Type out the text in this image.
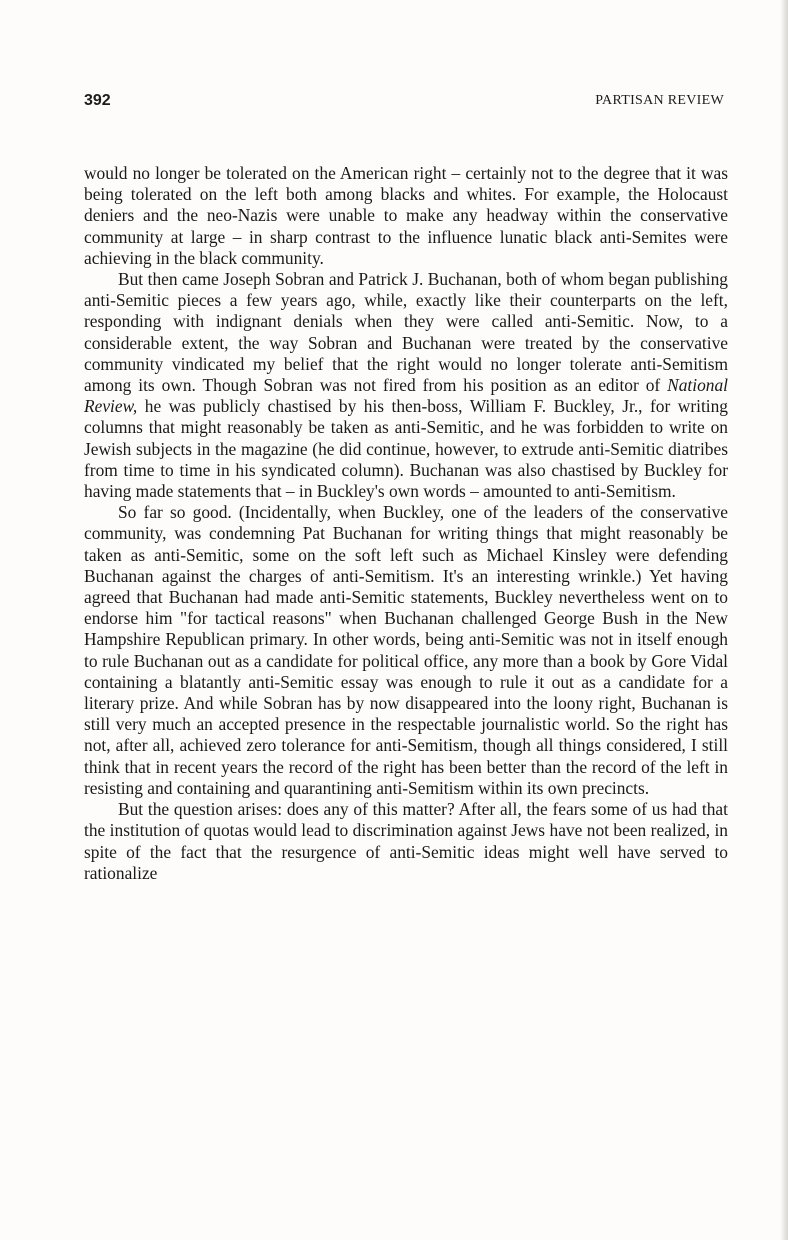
392	PARTISAN REVIEW

would no longer be tolerated on the American right – certainly not to the degree that it was being tolerated on the left both among blacks and whites. For example, the Holocaust deniers and the neo-Nazis were unable to make any headway within the conservative community at large – in sharp contrast to the influence lunatic black anti-Semites were achieving in the black community.

But then came Joseph Sobran and Patrick J. Buchanan, both of whom began publishing anti-Semitic pieces a few years ago, while, exactly like their counterparts on the left, responding with indignant denials when they were called anti-Semitic. Now, to a considerable extent, the way Sobran and Buchanan were treated by the conservative community vindicated my belief that the right would no longer tolerate anti-Semitism among its own. Though Sobran was not fired from his position as an editor of National Review, he was publicly chastised by his then-boss, William F. Buckley, Jr., for writing columns that might reasonably be taken as anti-Semitic, and he was forbidden to write on Jewish subjects in the magazine (he did continue, however, to extrude anti-Semitic diatribes from time to time in his syndicated column). Buchanan was also chastised by Buckley for having made statements that – in Buckley's own words – amounted to anti-Semitism.

So far so good. (Incidentally, when Buckley, one of the leaders of the conservative community, was condemning Pat Buchanan for writing things that might reasonably be taken as anti-Semitic, some on the soft left such as Michael Kinsley were defending Buchanan against the charges of anti-Semitism. It's an interesting wrinkle.) Yet having agreed that Buchanan had made anti-Semitic statements, Buckley nevertheless went on to endorse him "for tactical reasons" when Buchanan challenged George Bush in the New Hampshire Republican primary. In other words, being anti-Semitic was not in itself enough to rule Buchanan out as a candidate for political office, any more than a book by Gore Vidal containing a blatantly anti-Semitic essay was enough to rule it out as a candidate for a literary prize. And while Sobran has by now disappeared into the loony right, Buchanan is still very much an accepted presence in the respectable journalistic world. So the right has not, after all, achieved zero tolerance for anti-Semitism, though all things considered, I still think that in recent years the record of the right has been better than the record of the left in resisting and containing and quarantining anti-Semitism within its own precincts.

But the question arises: does any of this matter? After all, the fears some of us had that the institution of quotas would lead to discrimination against Jews have not been realized, in spite of the fact that the resurgence of anti-Semitic ideas might well have served to rationalize
